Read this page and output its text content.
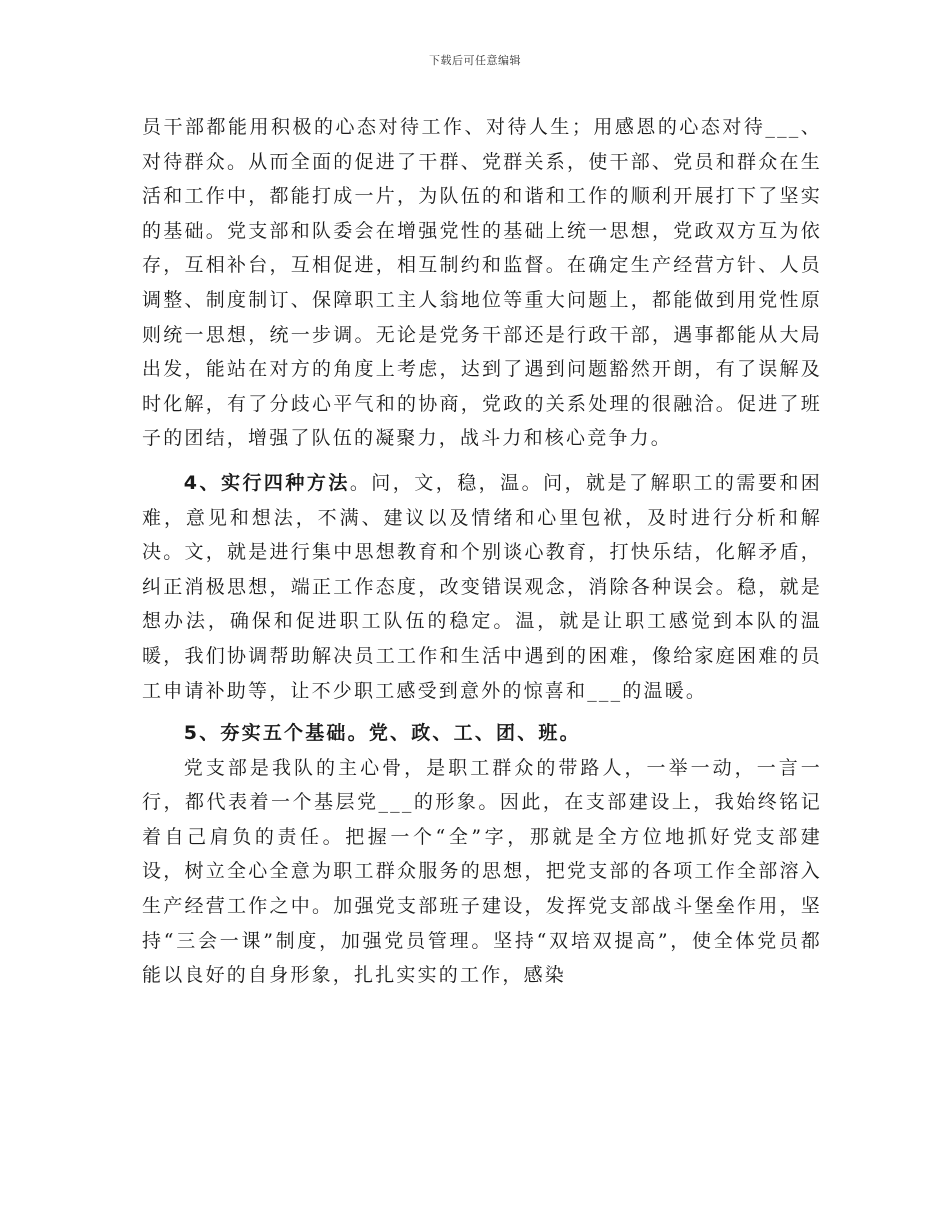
下载后可任意编辑

员干部都能用积极的心态对待工作、对待人生；用感恩的心态对待___、对待群众。从而全面的促进了干群、党群关系，使干部、党员和群众在生活和工作中，都能打成一片，为队伍的和谐和工作的顺利开展打下了坚实的基础。党支部和队委会在增强党性的基础上统一思想，党政双方互为依存，互相补台，互相促进，相互制约和监督。在确定生产经营方针、人员调整、制度制订、保障职工主人翁地位等重大问题上，都能做到用党性原则统一思想，统一步调。无论是党务干部还是行政干部，遇事都能从大局出发，能站在对方的角度上考虑，达到了遇到问题豁然开朗，有了误解及时化解，有了分歧心平气和的协商，党政的关系处理的很融洽。促进了班子的团结，增强了队伍的凝聚力，战斗力和核心竞争力。

4、实行四种方法。问，文，稳，温。问，就是了解职工的需要和困难，意见和想法，不满、建议以及情绪和心里包袱，及时进行分析和解决。文，就是进行集中思想教育和个别谈心教育，打快乐结，化解矛盾，纠正消极思想，端正工作态度，改变错误观念，消除各种误会。稳，就是想办法，确保和促进职工队伍的稳定。温，就是让职工感觉到本队的温暖，我们协调帮助解决员工工作和生活中遇到的困难，像给家庭困难的员工申请补助等，让不少职工感受到意外的惊喜和___的温暖。

5、夯实五个基础。党、政、工、团、班。

党支部是我队的主心骨，是职工群众的带路人，一举一动，一言一行，都代表着一个基层党___的形象。因此，在支部建设上，我始终铭记着自己肩负的责任。把握一个“全”字，那就是全方位地抓好党支部建设，树立全心全意为职工群众服务的思想，把党支部的各项工作全部溶入生产经营工作之中。加强党支部班子建设，发挥党支部战斗堡垒作用，坚持“三会一课”制度，加强党员管理。坚持“双培双提高”，使全体党员都能以良好的自身形象，扎扎实实的工作，感染
